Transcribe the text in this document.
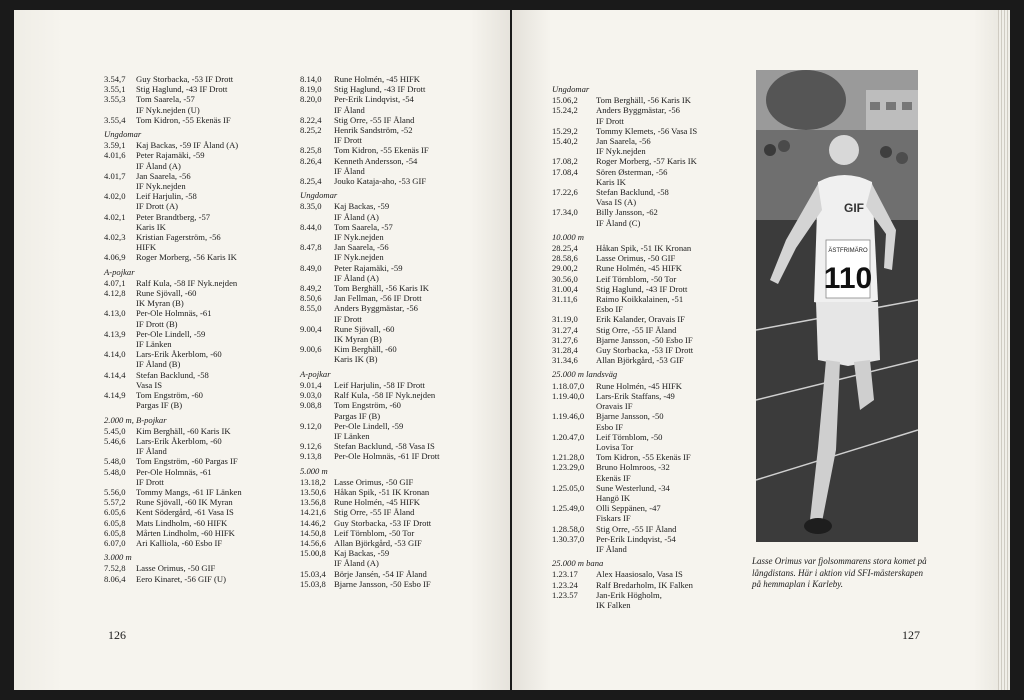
3.54,7	Guy Storbacka, -53 IF Drott
3.55,1	Stig Haglund, -43 IF Drott
3.55,3	Tom Saarela, -57
IF Nyk.nejden (U)
3.55,4	Tom Kidron, -55 Ekenäs IF
Ungdomar
3.59,1	Kaj Backas, -59 IF Åland (A)
4.01,6	Peter Rajamäki, -59
IF Åland (A)
4.01,7	Jan Saarela, -56
IF Nyk.nejden
4.02,0	Leif Harjulin, -58
IF Drott (A)
4.02,1	Peter Brandtberg, -57
Karis IK
4.02,3	Kristian Fagerström, -56
HIFK
4.06,9	Roger Morberg, -56 Karis IK
A-pojkar
4.07,1	Ralf Kula, -58 IF Nyk.nejden
4.12,8	Rune Sjövall, -60
IK Myran (B)
4.13,0	Per-Ole Holmnäs, -61
IF Drott (B)
4.13,9	Per-Ole Lindell, -59
IF Länken
4.14,0	Lars-Erik Åkerblom, -60
IF Åland (B)
4.14,4	Stefan Backlund, -58
Vasa IS
4.14,9	Tom Engström, -60
Pargas IF (B)
2.000 m, B-pojkar
5.45,0	Kim Berghäll, -60 Karis IK
5.46,6	Lars-Erik Åkerblom, -60
IF Åland
5.48,0	Tom Engström, -60 Pargas IF
5.48,0	Per-Ole Holmnäs, -61
IF Drott
5.56,0	Tommy Mangs, -61 IF Länken
5.57,2	Rune Sjövall, -60 IK Myran
6.05,6	Kent Södergård, -61 Vasa IS
6.05,8	Mats Lindholm, -60 HIFK
6.05,8	Mårten Lindholm, -60 HIFK
6.07,0	Ari Kalliola, -60 Esbo IF
3.000 m
7.52,8	Lasse Orimus, -50 GIF
8.06,4	Eero Kinaret, -56 GIF (U)
8.14,0	Rune Holmén, -45 HIFK
8.19,0	Stig Haglund, -43 IF Drott
8.20,0	Per-Erik Lindqvist, -54
IF Åland
8.22,4	Stig Orre, -55 IF Åland
8.25,2	Henrik Sandström, -52
IF Drott
8.25,8	Tom Kidron, -55 Ekenäs IF
8.26,4	Kenneth Andersson, -54
IF Åland
8.25,4	Jouko Kataja-aho, -53 GIF
Ungdomar
8.35,0	Kaj Backas, -59
IF Åland (A)
8.44,0	Tom Saarela, -57
IF Nyk.nejden
8.47,8	Jan Saarela, -56
IF Nyk.nejden
8.49,0	Peter Rajamäki, -59
IF Åland (A)
8.49,2	Tom Berghäll, -56 Karis IK
8.50,6	Jan Fellman, -56 IF Drott
8.55,0	Anders Byggmästar, -56
IF Drott
9.00,4	Rune Sjövall, -60
IK Myran (B)
9.00,6	Kim Berghäll, -60
Karis IK (B)
A-pojkar
9.01,4	Leif Harjulin, -58 IF Drott
9.03,0	Ralf Kula, -58 IF Nyk.nejden
9.08,8	Tom Engström, -60
Pargas IF (B)
9.12,0	Per-Ole Lindell, -59
IF Länken
9.12,6	Stefan Backlund, -58 Vasa IS
9.13,8	Per-Ole Holmnäs, -61 IF Drott
5.000 m
13.18,2 Lasse Orimus, -50 GIF
13.50,6 Håkan Spik, -51 IK Kronan
13.56,8 Rune Holmén, -45 HIFK
14.21,6 Stig Orre, -55 IF Åland
14.46,2 Guy Storbacka, -53 IF Drott
14.50,8 Leif Törnblom, -50 Tor
14.56,6 Allan Björkgård, -53 GIF
15.00,8 Kaj Backas, -59
IF Åland (A)
15.03,4 Börje Jansén, -54 IF Åland
15.03,8 Bjarne Jansson, -50 Esbo IF
126
Ungdomar
15.06,2	Tom Berghäll, -56 Karis IK
15.24,2	Anders Byggmästar, -56
IF Drott
15.29,2	Tommy Klemets, -56 Vasa IS
15.40,2	Jan Saarela, -56
IF Nyk.nejden
17.08,2	Roger Morberg, -57 Karis IK
17.08,4	Sören Østerman, -56
Karis IK
17.22,6	Stefan Backlund, -58
Vasa IS (A)
17.34,0	Billy Jansson, -62
IF Åland (C)
10.000 m
28.25,4	Håkan Spik, -51 IK Kronan
28.58,6	Lasse Orimus, -50 GIF
29.00,2	Rune Holmén, -45 HIFK
30.56,0	Leif Törnblom, -50 Tor
31.00,4	Stig Haglund, -43 IF Drott
31.11,6	Raimo Koikkalainen, -51
Esbo IF
31.19,0	Erik Kalander, Oravais IF
31.27,4	Stig Orre, -55 IF Åland
31.27,6	Bjarne Jansson, -50 Esbo IF
31.28,4	Guy Storbacka, -53 IF Drott
31.34,6	Allan Björkgård, -53 GIF
25.000 m landsväg
1.18.07,0	Rune Holmén, -45 HIFK
1.19.40,0	Lars-Erik Staffans, -49
Oravais IF
1.19.46,0	Bjarne Jansson, -50
Esbo IF
1.20.47,0	Leif Törnblom, -50
Lovisa Tor
1.21.28,0	Tom Kidron, -55 Ekenäs IF
1.23.29,0	Bruno Holmroos, -32
Ekenäs IF
1.25.05,0	Sune Westerlund, -34
Hangö IK
1.25.49,0	Olli Seppänen, -47
Fiskars IF
1.28.58,0	Stig Orre, -55 IF Åland
1.30.37,0	Per-Erik Lindqvist, -54
IF Åland
25.000 m bana
1.23.17	Alex Haasiosalo, Vasa IS
1.23.24	Ralf Bredarholm, IK Falken
1.23.57	Jan-Erik Högholm,
IK Falken
ÄSTFRIMÄRO
110
GIF
Lasse Orimus var fjolsommarens stora komet på långdistans. Här i aktion vid SFI-mästerskapen på hemmaplan i Karleby.
127
